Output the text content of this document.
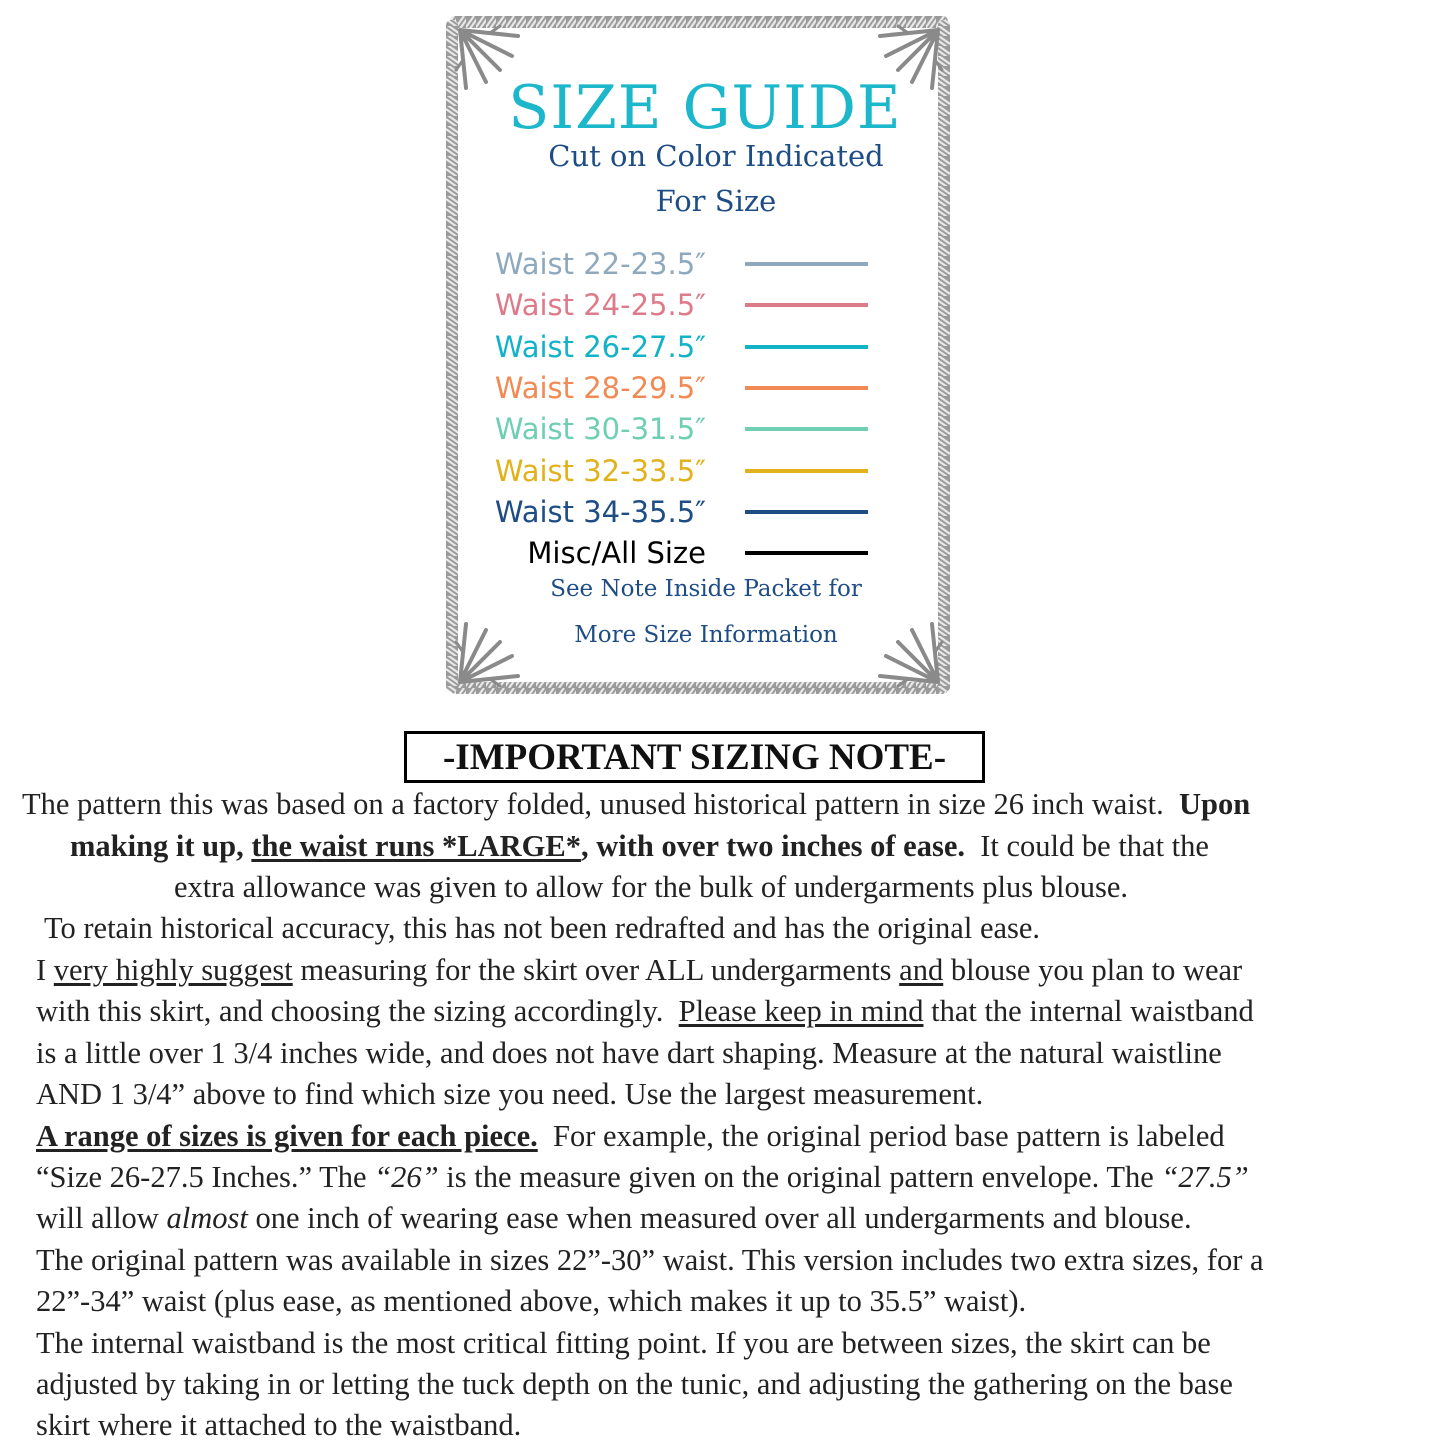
SIZE GUIDE
Cut on Color Indicated
For Size
Waist 22-23.5″
Waist 24-25.5″
Waist 26-27.5″
Waist 28-29.5″
Waist 30-31.5″
Waist 32-33.5″
Waist 34-35.5″
Misc/All Size
See Note Inside Packet for
More Size Information
-IMPORTANT SIZING NOTE-
The pattern this was based on a factory folded, unused historical pattern in size 26 inch waist. Upon
making it up, the waist runs *LARGE*, with over two inches of ease. It could be that the
extra allowance was given to allow for the bulk of undergarments plus blouse.
To retain historical accuracy, this has not been redrafted and has the original ease.
I very highly suggest measuring for the skirt over ALL undergarments and blouse you plan to wear
with this skirt, and choosing the sizing accordingly. Please keep in mind that the internal waistband
is a little over 1 3/4 inches wide, and does not have dart shaping. Measure at the natural waistline
AND 1 3/4” above to find which size you need. Use the largest measurement.
A range of sizes is given for each piece. For example, the original period base pattern is labeled
“Size 26-27.5 Inches.” The “26” is the measure given on the original pattern envelope. The “27.5”
will allow almost one inch of wearing ease when measured over all undergarments and blouse.
The original pattern was available in sizes 22”-30” waist. This version includes two extra sizes, for a
22”-34” waist (plus ease, as mentioned above, which makes it up to 35.5” waist).
The internal waistband is the most critical fitting point. If you are between sizes, the skirt can be
adjusted by taking in or letting the tuck depth on the tunic, and adjusting the gathering on the base
skirt where it attached to the waistband.
